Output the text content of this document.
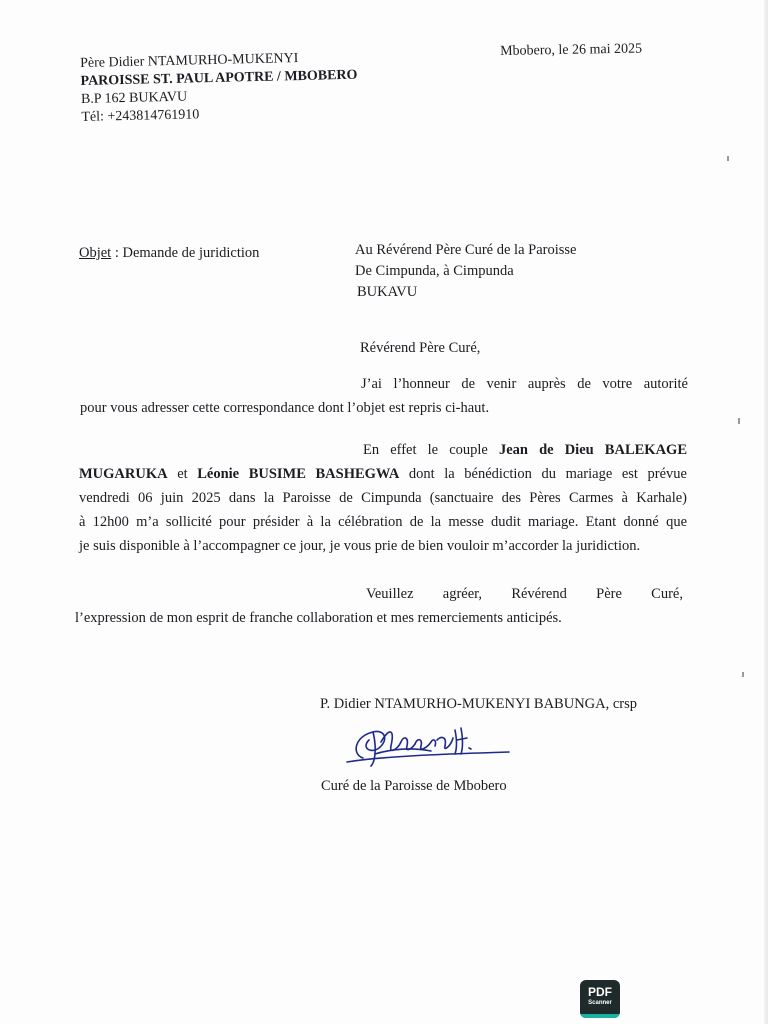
Père Didier NTAMURHO-MUKENYI
PAROISSE ST. PAUL APOTRE / MBOBERO
B.P 162 BUKAVU
Tél: +243814761910
Mbobero, le 26 mai 2025
Objet : Demande de juridiction	Au Révérend Père Curé de la Paroisse
De Cimpunda, à Cimpunda
BUKAVU
Révérend Père Curé,
J’ai l’honneur de venir auprès de votre autorité
pour vous adresser cette correspondance dont l’objet est repris ci-haut.
En effet le couple Jean de Dieu BALEKAGE
MUGARUKA et Léonie BUSIME BASHEGWA dont la bénédiction du mariage est prévue
vendredi 06 juin 2025 dans la Paroisse de Cimpunda (sanctuaire des Pères Carmes à Karhale)
à 12h00 m’a sollicité pour présider à la célébration de la messe dudit mariage. Etant donné que
je suis disponible à l’accompagner ce jour, je vous prie de bien vouloir m’accorder la juridiction.
Veuillez agréer, Révérend Père Curé,
l’expression de mon esprit de franche collaboration et mes remerciements anticipés.
P. Didier NTAMURHO-MUKENYI BABUNGA, crsp
Curé de la Paroisse de Mbobero
PDF
Scanner
